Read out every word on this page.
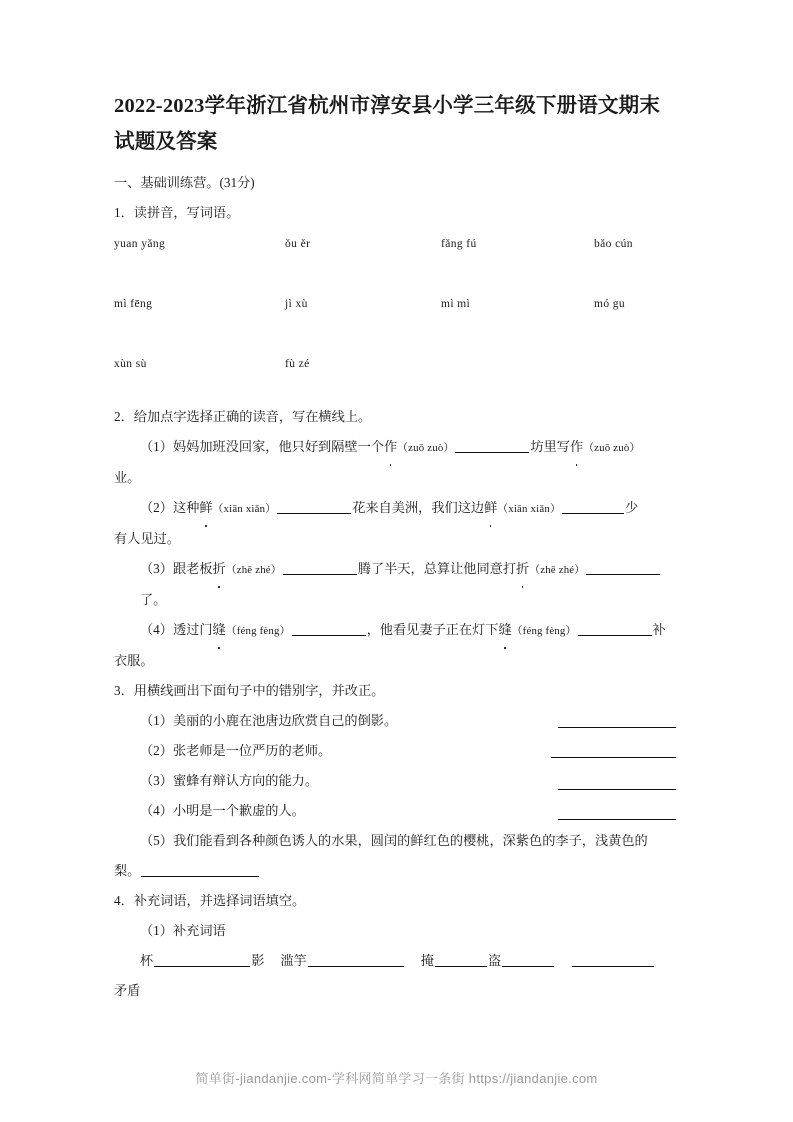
2022-2023学年浙江省杭州市淳安县小学三年级下册语文期末试题及答案

一、基础训练营。(31分)

1．读拼音，写词语。

yuan yǎng	ǒu ěr	fǎng fú	bǎo cún
mì fēng	jì xù	mì mì	mó gu
xùn sù	fù zé

2．给加点字选择正确的读音，写在横线上。

（1）妈妈加班没回家，他只好到隔壁一个作（zuō zuò）	坊里写作（zuō zuò）

业。

（2）这种鲜（xiān xiǎn）	花来自美洲，我们这边鲜（xiān xiǎn）	少

有人见过。

（3）跟老板折（zhē zhé）	腾了半天，总算让他同意打折（zhē zhé）了。

（4）透过门缝（féng fèng）	，他看见妻子正在灯下缝（féng fèng）	补

衣服。

3．用横线画出下面句子中的错别字，并改正。

（1）美丽的小鹿在池唐边欣赏自己的倒影。
（2）张老师是一位严历的老师。
（3）蜜蜂有辩认方向的能力。
（4）小明是一个歉虚的人。

（5）我们能看到各种颜色诱人的水果，圆闰的鲜红色的樱桃，深紫色的李子，浅黄色的

梨。

4．补充词语，并选择词语填空。

（1）补充词语

杯	影 滥竽	掩	盗

矛盾

简单街-jiandanjie.com-学科网简单学习一条街 https://jiandanjie.com
